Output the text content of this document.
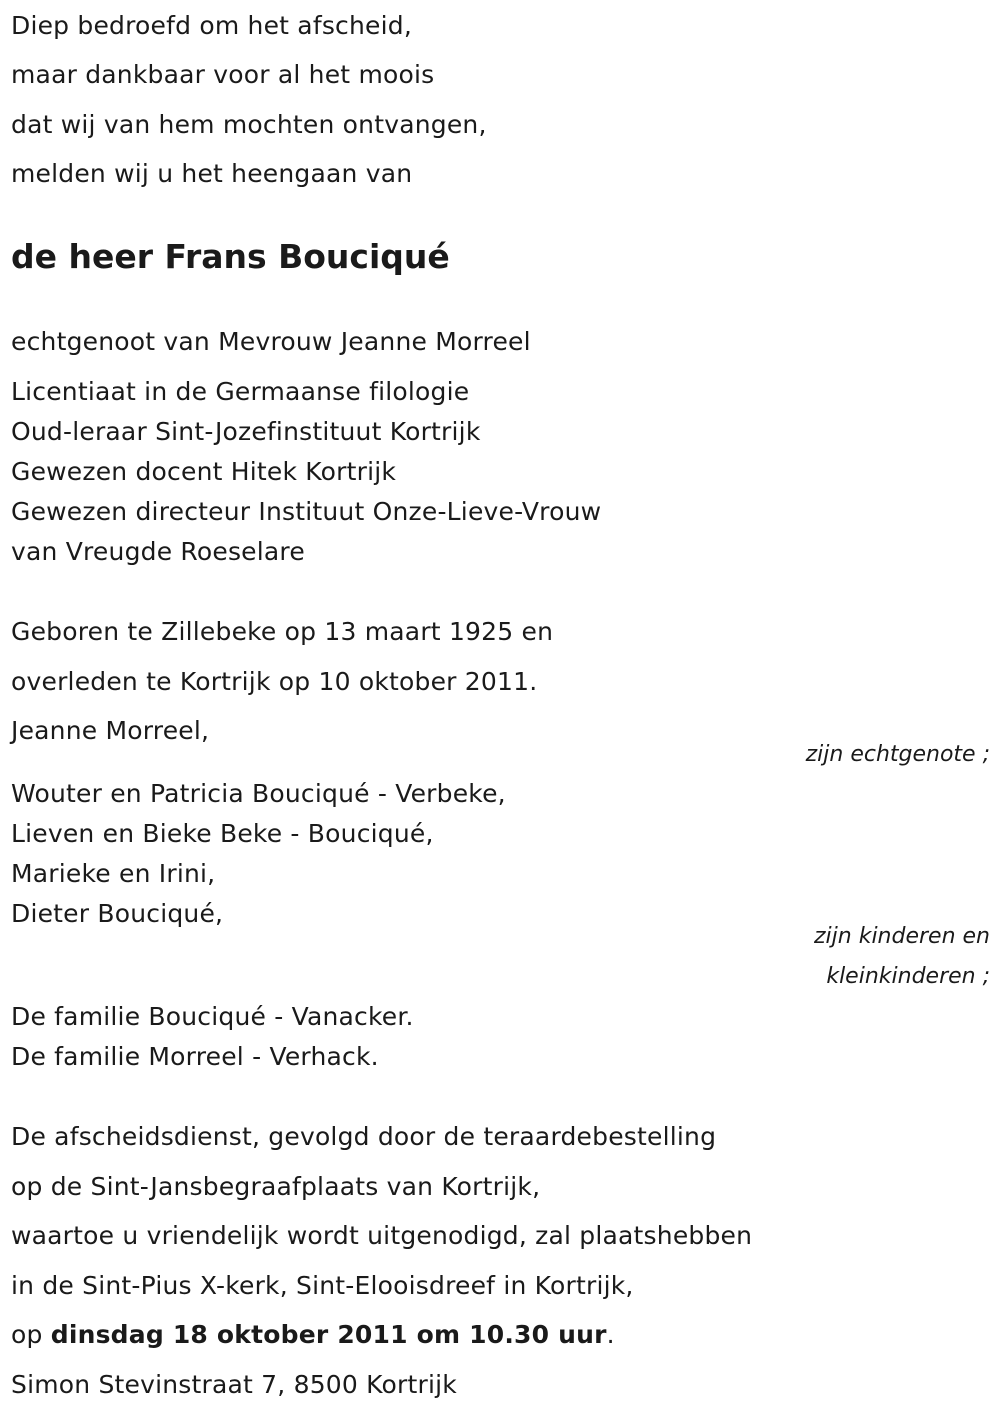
Diep bedroefd om het afscheid,
maar dankbaar voor al het moois
dat wij van hem mochten ontvangen,
melden wij u het heengaan van
de heer Frans Bouciqué
echtgenoot van Mevrouw Jeanne Morreel
Licentiaat in de Germaanse filologie
Oud-leraar Sint-Jozefinstituut Kortrijk
Gewezen docent Hitek Kortrijk
Gewezen directeur Instituut Onze-Lieve-Vrouw
van Vreugde Roeselare
Geboren te Zillebeke op 13 maart 1925 en
overleden te Kortrijk op 10 oktober 2011.
Jeanne Morreel,
zijn echtgenote ;
Wouter en Patricia Bouciqué - Verbeke,
Lieven en Bieke Beke - Bouciqué,
Marieke en Irini,
Dieter Bouciqué,
zijn kinderen en
kleinkinderen ;
De familie Bouciqué - Vanacker.
De familie Morreel - Verhack.
De afscheidsdienst, gevolgd door de teraardebestelling
op de Sint-Jansbegraafplaats van Kortrijk,
waartoe u vriendelijk wordt uitgenodigd, zal plaatshebben
in de Sint-Pius X-kerk, Sint-Elooisdreef in Kortrijk,
op dinsdag 18 oktober 2011 om 10.30 uur.
Simon Stevinstraat 7, 8500 Kortrijk
